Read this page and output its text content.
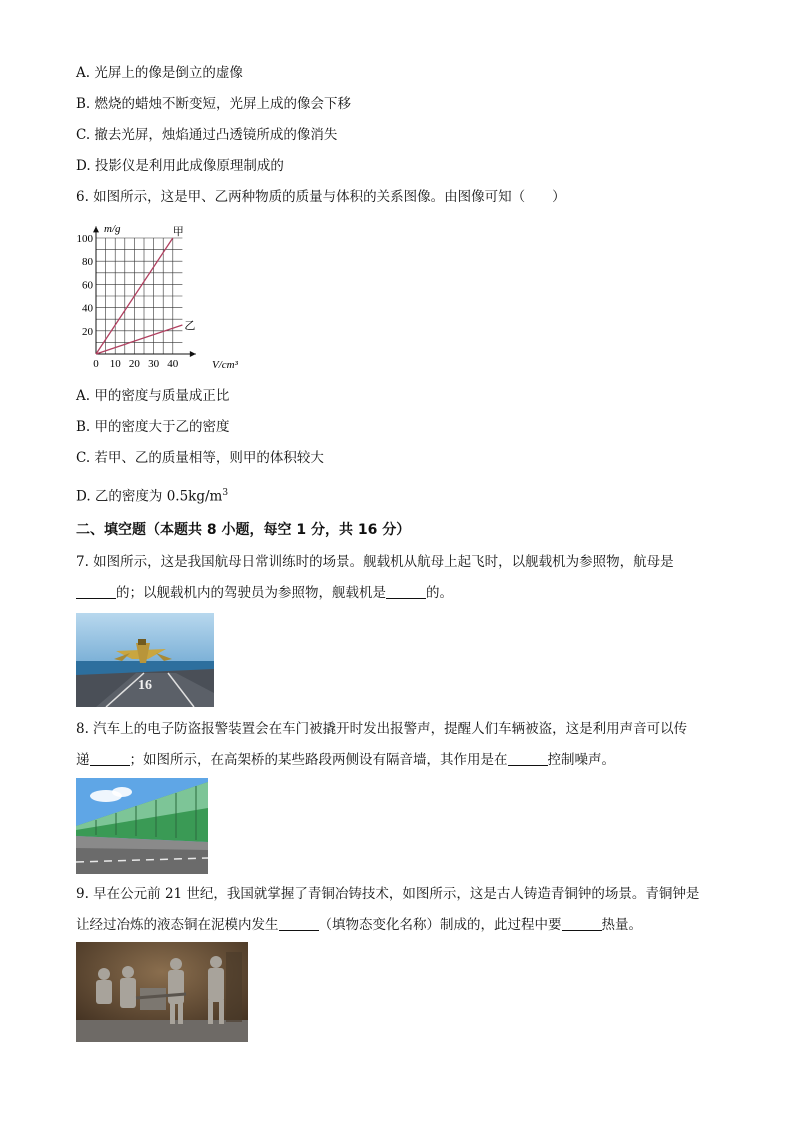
A. 光屏上的像是倒立的虚像
B. 燃烧的蜡烛不断变短，光屏上成的像会下移
C. 撤去光屏，烛焰通过凸透镜所成的像消失
D. 投影仪是利用此成像原理制成的
6. 如图所示，这是甲、乙两种物质的质量与体积的关系图像。由图像可知（　　）
0 10 20 30 40
20
40
60
80
100
甲
乙
m/g
V/cm³
A. 甲的密度与质量成正比
B. 甲的密度大于乙的密度
C. 若甲、乙的质量相等，则甲的体积较大
D. 乙的密度为 $0.5kg/m^3$
二、填空题（本题共 8 小题，每空 1 分，共 16 分）
7. 如图所示，这是我国航母日常训练时的场景。舰载机从航母上起飞时，以舰载机为参照物，航母是
的；以舰载机内的驾驶员为参照物，舰载机是	的。
16
8. 汽车上的电子防盗报警装置会在车门被撬开时发出报警声，提醒人们车辆被盗，这是利用声音可以传
递	；如图所示，在高架桥的某些路段两侧设有隔音墙，其作用是在	控制噪声。
9. 早在公元前 21 世纪，我国就掌握了青铜冶铸技术，如图所示，这是古人铸造青铜钟的场景。青铜钟是
让经过冶炼的液态铜在泥模内发生	（填物态变化名称）制成的，此过程中要	热量。
